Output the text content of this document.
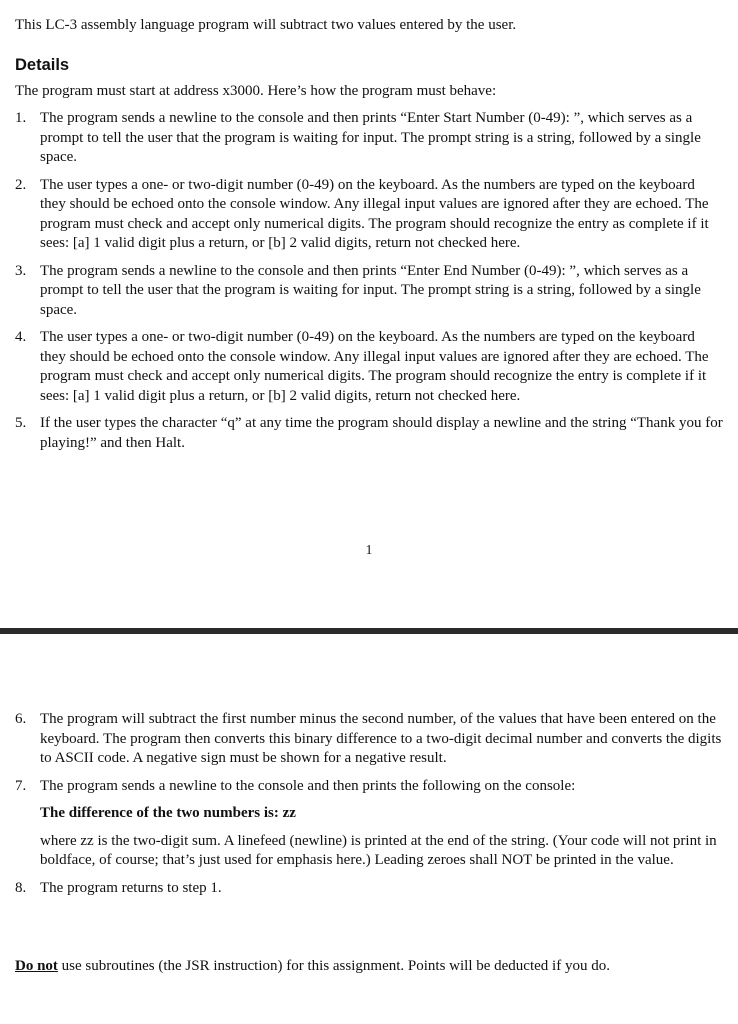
This LC-3 assembly language program will subtract two values entered by the user.

Details

The program must start at address x3000. Here’s how the program must behave:

1. The program sends a newline to the console and then prints “Enter Start Number (0-49): ”, which serves as a prompt to tell the user that the program is waiting for input. The prompt string is a string, followed by a single space.
2. The user types a one- or two-digit number (0-49) on the keyboard. As the numbers are typed on the keyboard they should be echoed onto the console window. Any illegal input values are ignored after they are echoed. The program must check and accept only numerical digits. The program should recognize the entry as complete if it sees: [a] 1 valid digit plus a return, or [b] 2 valid digits, return not checked here.
3. The program sends a newline to the console and then prints “Enter End Number (0-49): ”, which serves as a prompt to tell the user that the program is waiting for input. The prompt string is a string, followed by a single space.
4. The user types a one- or two-digit number (0-49) on the keyboard. As the numbers are typed on the keyboard they should be echoed onto the console window. Any illegal input values are ignored after they are echoed. The program must check and accept only numerical digits. The program should recognize the entry is complete if it sees: [a] 1 valid digit plus a return, or [b] 2 valid digits, return not checked here.
5. If the user types the character “q” at any time the program should display a newline and the string “Thank you for playing!” and then Halt.
1
6. The program will subtract the first number minus the second number, of the values that have been entered on the keyboard. The program then converts this binary difference to a two-digit decimal number and converts the digits to ASCII code. A negative sign must be shown for a negative result.
7. The program sends a newline to the console and then prints the following on the console:
The difference of the two numbers is: zz
where zz is the two-digit sum. A linefeed (newline) is printed at the end of the string. (Your code will not print in boldface, of course; that’s just used for emphasis here.) Leading zeroes shall NOT be printed in the value.
8. The program returns to step 1.

Do not use subroutines (the JSR instruction) for this assignment. Points will be deducted if you do.
